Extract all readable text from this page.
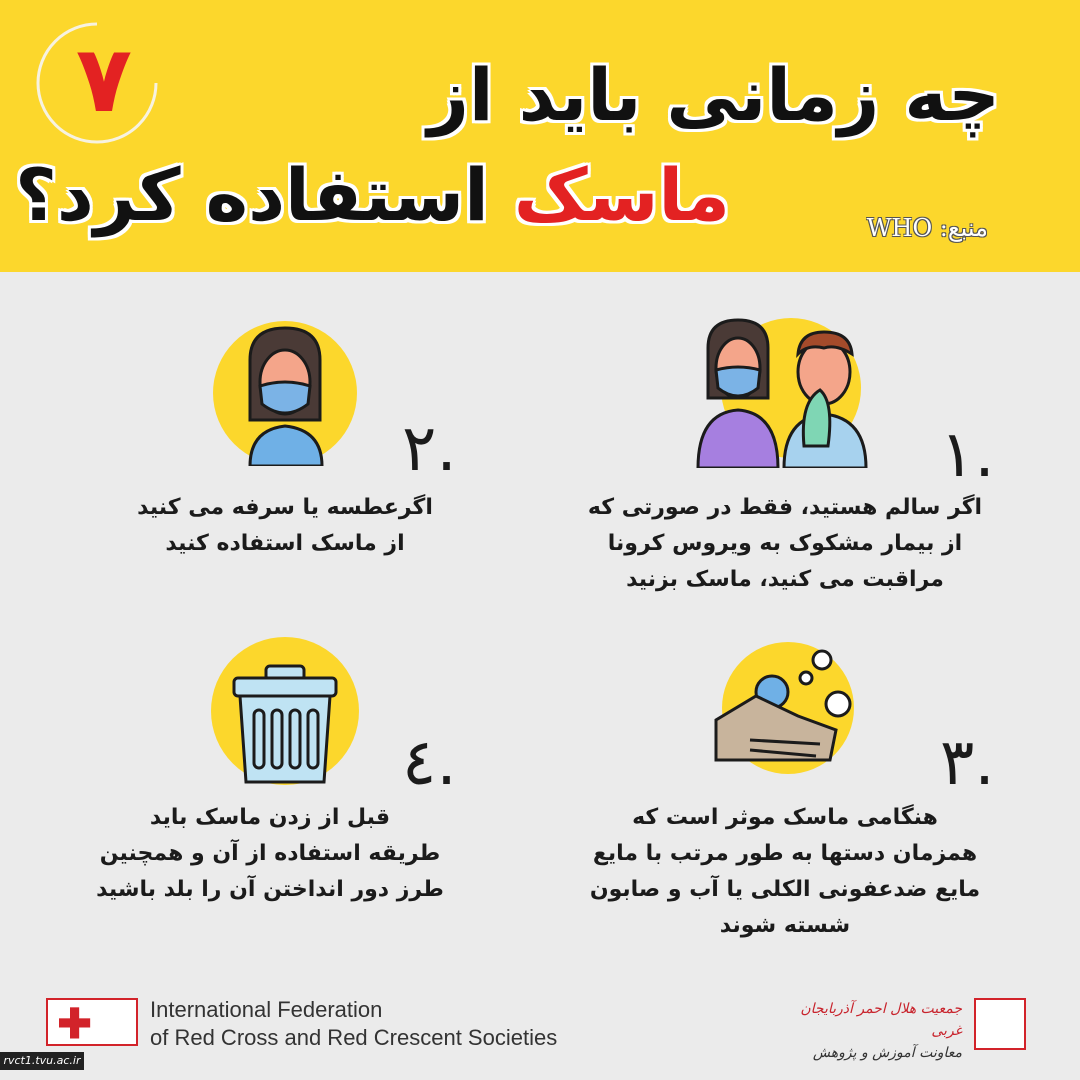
۷	چه زمانی باید از
ماسک استفاده کرد؟	منبع: WHO
.۱
اگر سالم هستید، فقط در صورتی که
از بیمار مشکوک به ویروس کرونا
مراقبت می کنید، ماسک بزنید
.۲
اگرعطسه یا سرفه می کنید
از ماسک استفاده کنید
.۳
هنگامی ماسک موثر است که
همزمان دستها به طور مرتب با مایع
مایع ضدعفونی الکلی یا آب و صابون
شسته شوند
.٤
قبل از زدن ماسک باید
طریقه استفاده از آن و همچنین
طرز دور انداختن آن را بلد باشید
International Federation
of Red Cross and Red Crescent Societies
جمعیت هلال احمر آذربایجان غربی
معاونت آموزش و پژوهش
rvct1.tvu.ac.ir
